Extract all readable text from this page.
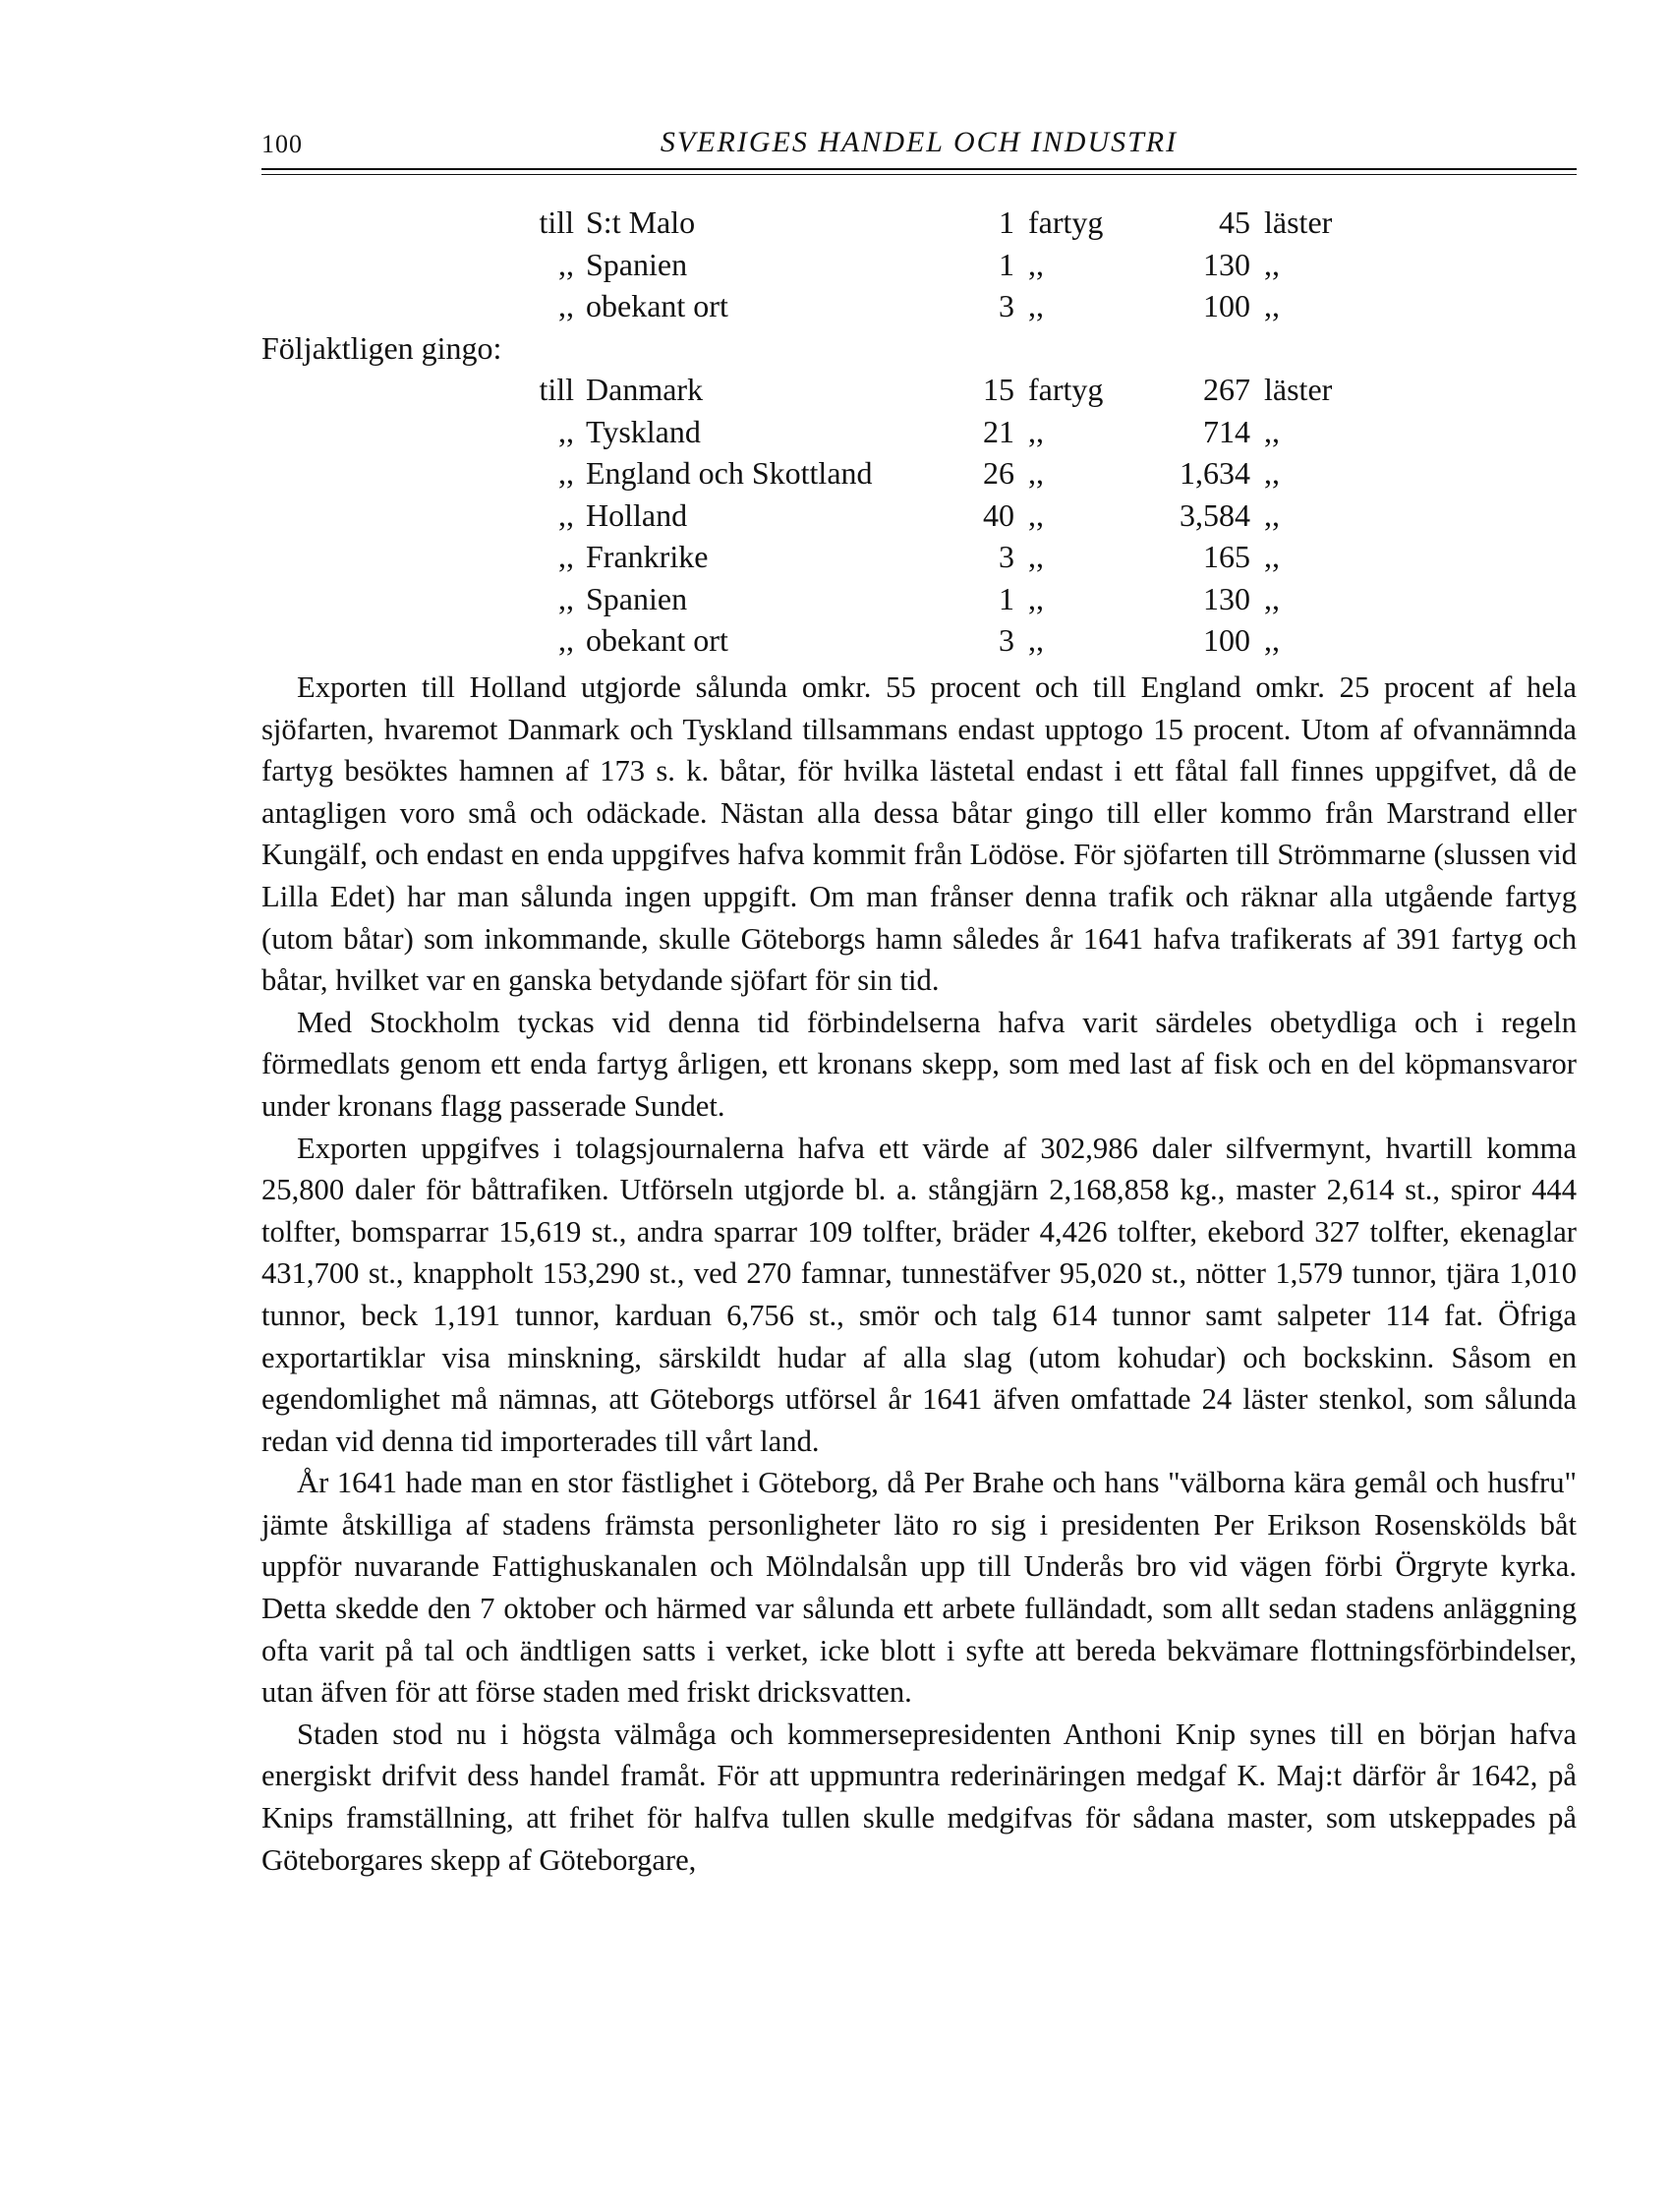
100	SVERIGES HANDEL OCH INDUSTRI
till S:t Malo	1 fartyg	45 läster
,, Spanien	1 ,,	130 ,,
,, obekant ort	3 ,,	100 ,,
Följaktligen gingo:
till Danmark	15 fartyg	267 läster
,, Tyskland	21 ,,	714 ,,
,, England och Skottland	26 ,,	1,634 ,,
,, Holland	40 ,,	3,584 ,,
,, Frankrike	3 ,,	165 ,,
,, Spanien	1 ,,	130 ,,
,, obekant ort	3 ,,	100 ,,

Exporten till Holland utgjorde sålunda omkr. 55 procent och till England omkr. 25 procent af hela sjöfarten, hvaremot Danmark och Tyskland tillsammans endast upptogo 15 procent. Utom af ofvannämnda fartyg besöktes hamnen af 173 s. k. båtar, för hvilka lästetal endast i ett fåtal fall finnes uppgifvet, då de antagligen voro små och odäckade. Nästan alla dessa båtar gingo till eller kommo från Marstrand eller Kungälf, och endast en enda uppgifves hafva kommit från Lödöse. För sjöfarten till Strömmarne (slussen vid Lilla Edet) har man sålunda ingen uppgift. Om man frånser denna trafik och räknar alla utgående fartyg (utom båtar) som inkommande, skulle Göteborgs hamn således år 1641 hafva trafikerats af 391 fartyg och båtar, hvilket var en ganska betydande sjöfart för sin tid.

Med Stockholm tyckas vid denna tid förbindelserna hafva varit särdeles obetydliga och i regeln förmedlats genom ett enda fartyg årligen, ett kronans skepp, som med last af fisk och en del köpmansvaror under kronans flagg passerade Sundet.

Exporten uppgifves i tolagsjournalerna hafva ett värde af 302,986 daler silfvermynt, hvartill komma 25,800 daler för båttrafiken. Utförseln utgjorde bl. a. stångjärn 2,168,858 kg., master 2,614 st., spiror 444 tolfter, bomsparrar 15,619 st., andra sparrar 109 tolfter, bräder 4,426 tolfter, ekebord 327 tolfter, ekenaglar 431,700 st., knappholt 153,290 st., ved 270 famnar, tunnestäfver 95,020 st., nötter 1,579 tunnor, tjära 1,010 tunnor, beck 1,191 tunnor, karduan 6,756 st., smör och talg 614 tunnor samt salpeter 114 fat. Öfriga exportartiklar visa minskning, särskildt hudar af alla slag (utom kohudar) och bockskinn. Såsom en egendomlighet må nämnas, att Göteborgs utförsel år 1641 äfven omfattade 24 läster stenkol, som sålunda redan vid denna tid importerades till vårt land.

År 1641 hade man en stor fästlighet i Göteborg, då Per Brahe och hans "välborna kära gemål och husfru" jämte åtskilliga af stadens främsta personligheter läto ro sig i presidenten Per Erikson Rosenskölds båt uppför nuvarande Fattighuskanalen och Mölndalsån upp till Underås bro vid vägen förbi Örgryte kyrka. Detta skedde den 7 oktober och härmed var sålunda ett arbete fulländadt, som allt sedan stadens anläggning ofta varit på tal och ändtligen satts i verket, icke blott i syfte att bereda bekvämare flottningsförbindelser, utan äfven för att förse staden med friskt dricksvatten.

Staden stod nu i högsta välmåga och kommersepresidenten Anthoni Knip synes till en början hafva energiskt drifvit dess handel framåt. För att uppmuntra rederinäringen medgaf K. Maj:t därför år 1642, på Knips framställning, att frihet för halfva tullen skulle medgifvas för sådana master, som utskeppades på Göteborgares skepp af Göteborgare,
